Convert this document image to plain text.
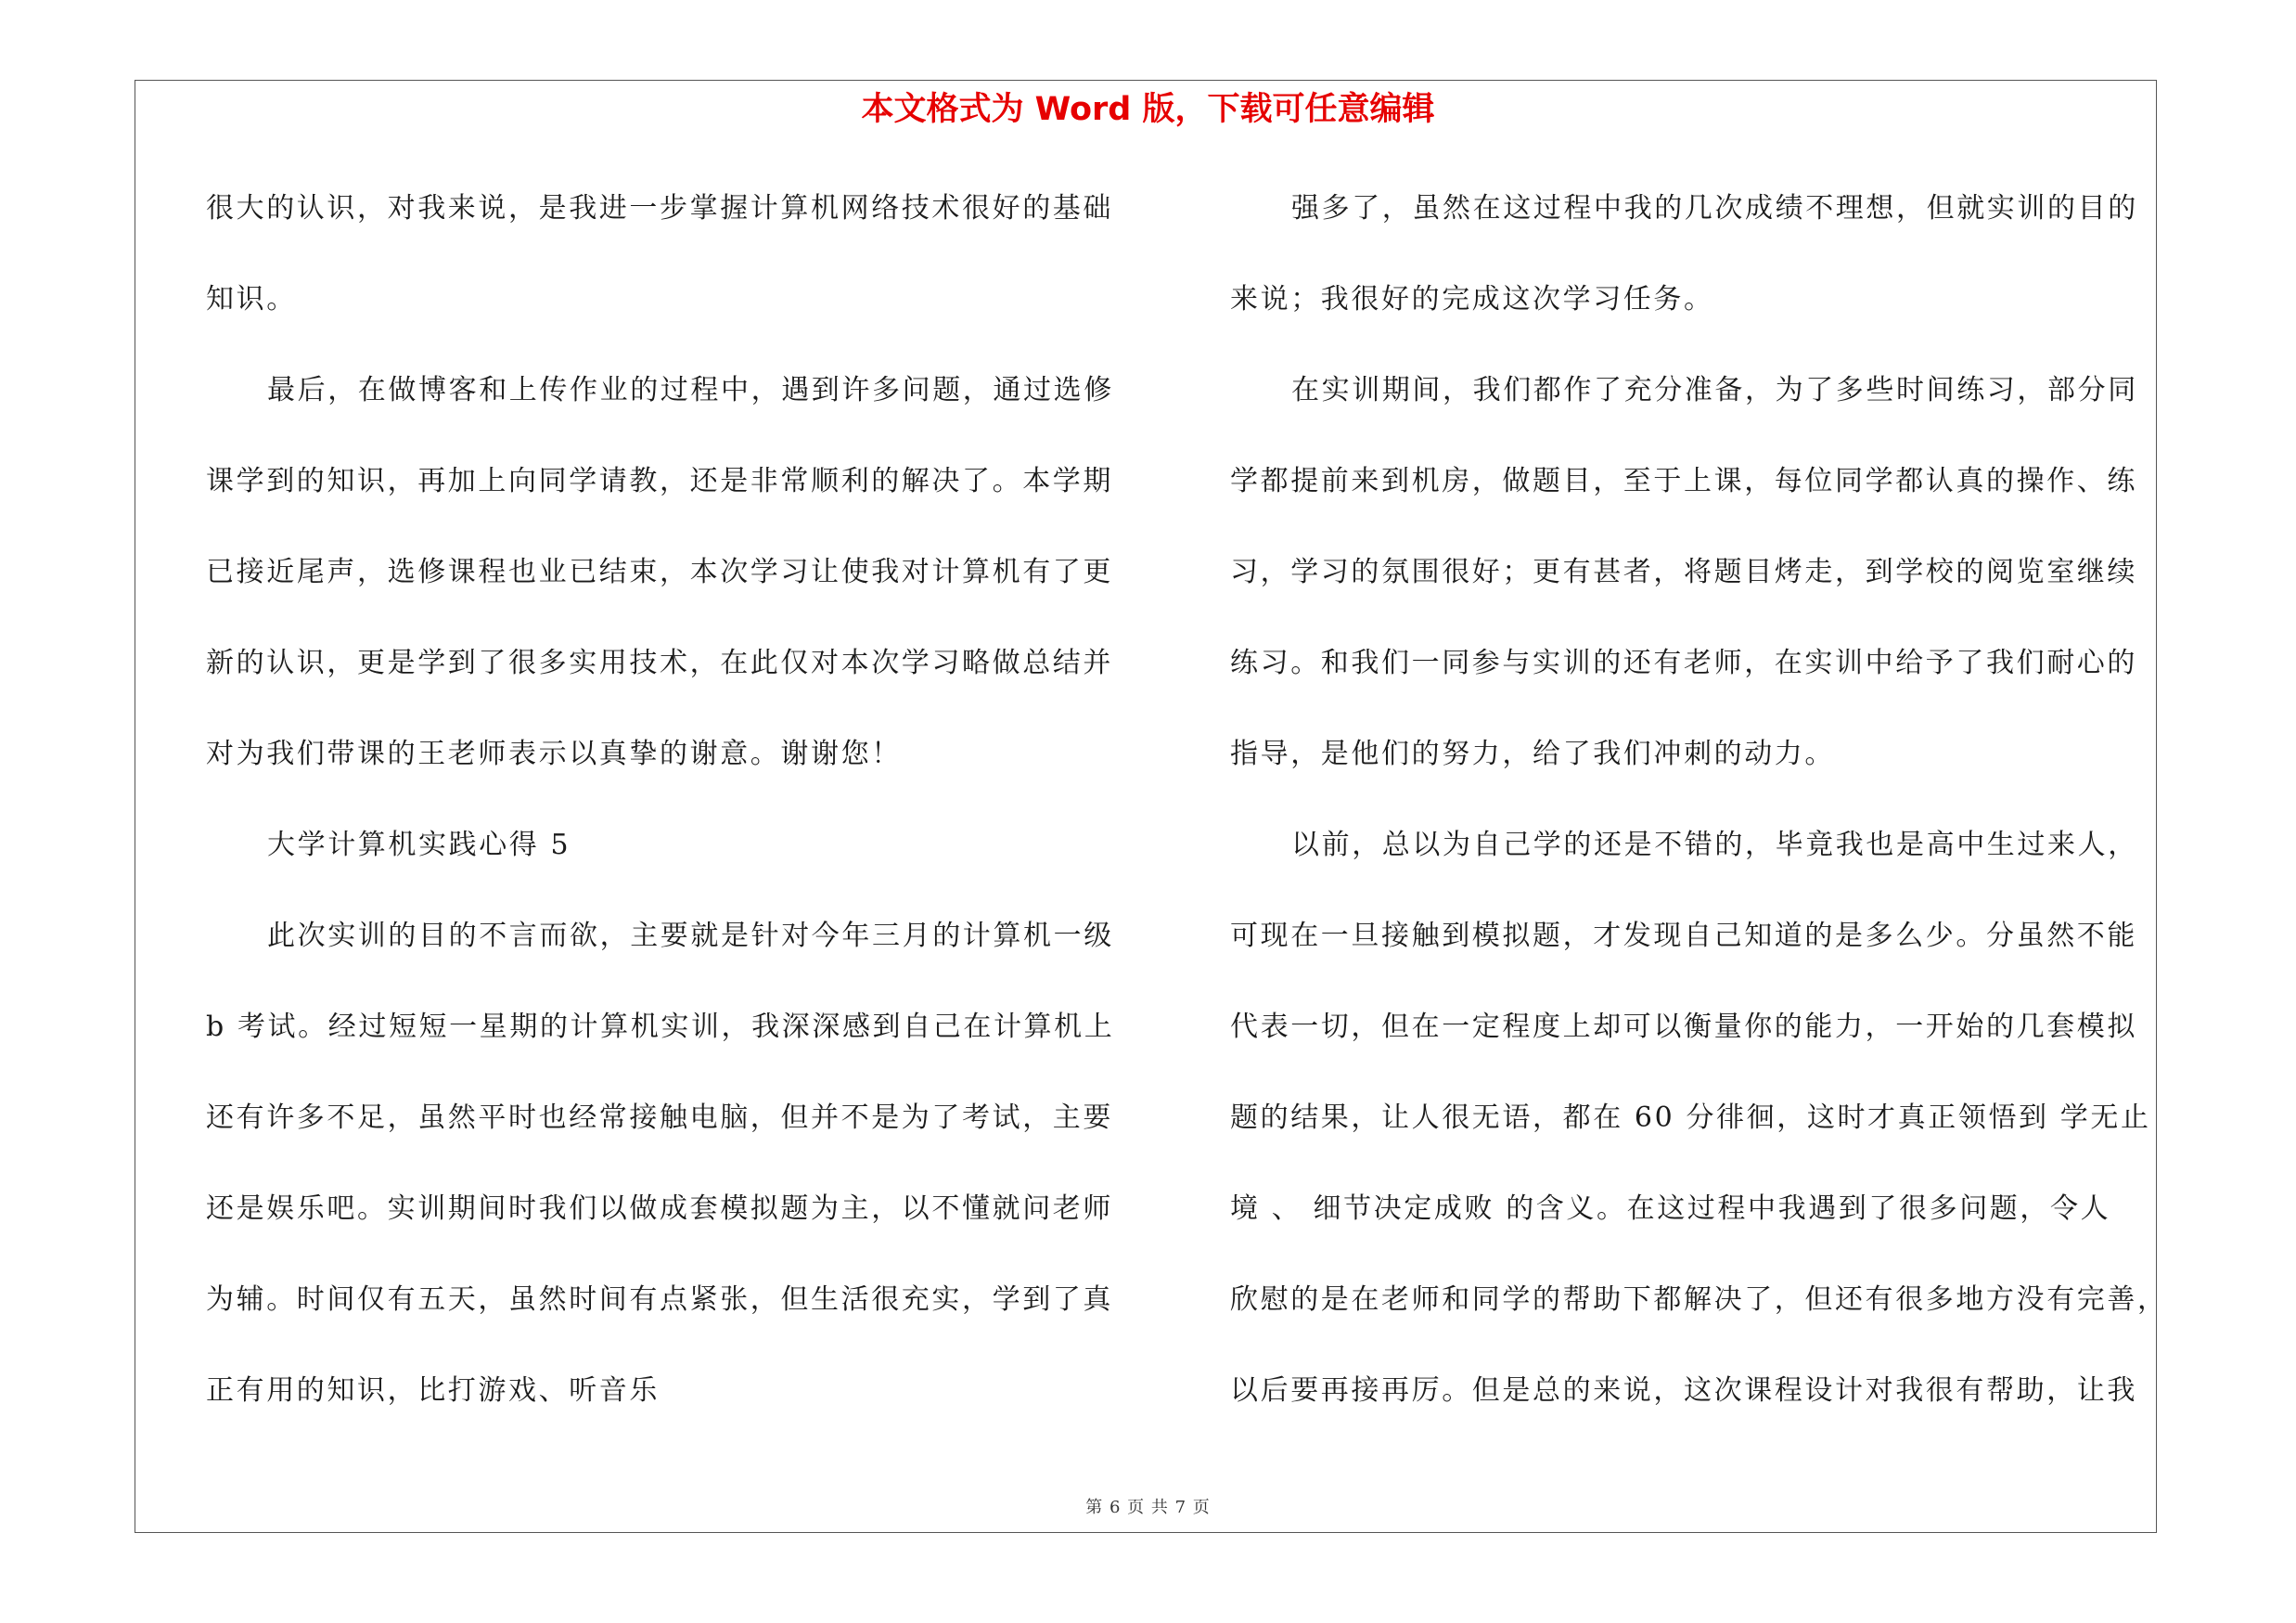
本文格式为 Word 版，下载可任意编辑
很大的认识，对我来说，是我进一步掌握计算机网络技术很好的基础
知识。
最后，在做博客和上传作业的过程中，遇到许多问题，通过选修
课学到的知识，再加上向同学请教，还是非常顺利的解决了。本学期
已接近尾声，选修课程也业已结束，本次学习让使我对计算机有了更
新的认识，更是学到了很多实用技术，在此仅对本次学习略做总结并
对为我们带课的王老师表示以真挚的谢意。谢谢您！
大学计算机实践心得 5
此次实训的目的不言而欲，主要就是针对今年三月的计算机一级
b 考试。经过短短一星期的计算机实训，我深深感到自己在计算机上
还有许多不足，虽然平时也经常接触电脑，但并不是为了考试，主要
还是娱乐吧。实训期间时我们以做成套模拟题为主，以不懂就问老师
为辅。时间仅有五天，虽然时间有点紧张，但生活很充实，学到了真
正有用的知识，比打游戏、听音乐
强多了，虽然在这过程中我的几次成绩不理想，但就实训的目的
来说；我很好的完成这次学习任务。
在实训期间，我们都作了充分准备，为了多些时间练习，部分同
学都提前来到机房，做题目，至于上课，每位同学都认真的操作、练
习，学习的氛围很好；更有甚者，将题目烤走，到学校的阅览室继续
练习。和我们一同参与实训的还有老师，在实训中给予了我们耐心的
指导，是他们的努力，给了我们冲刺的动力。
以前，总以为自己学的还是不错的，毕竟我也是高中生过来人，
可现在一旦接触到模拟题，才发现自己知道的是多么少。分虽然不能
代表一切，但在一定程度上却可以衡量你的能力，一开始的几套模拟
题的结果，让人很无语，都在 60 分徘徊，这时才真正领悟到 学无止
境 、 细节决定成败 的含义。在这过程中我遇到了很多问题，令人
欣慰的是在老师和同学的帮助下都解决了，但还有很多地方没有完善，
以后要再接再厉。但是总的来说，这次课程设计对我很有帮助，让我
第 6 页 共 7 页
